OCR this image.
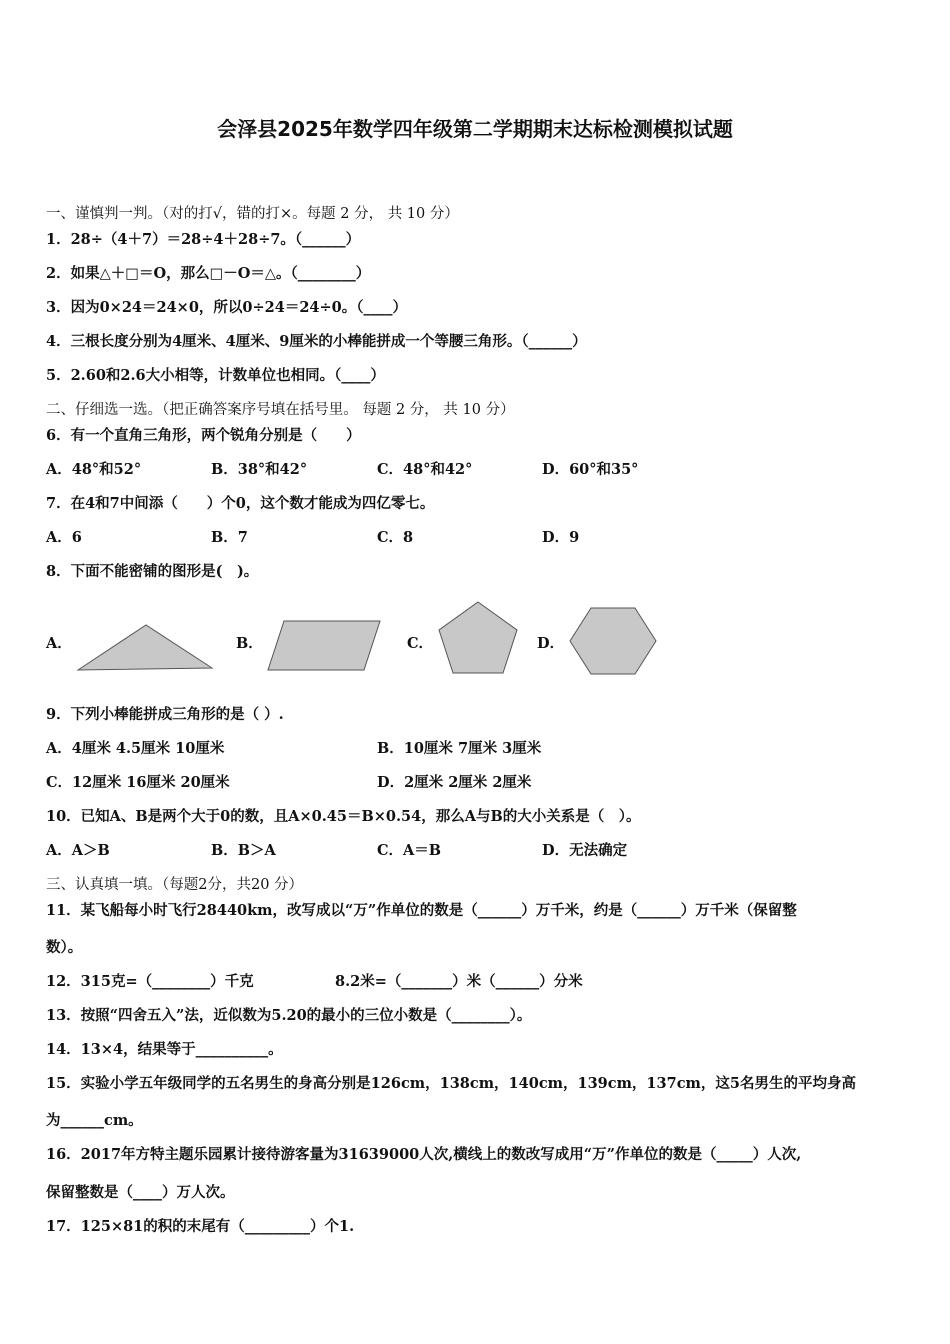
会泽县2025年数学四年级第二学期期末达标检测模拟试题
一、谨慎判一判。（对的打√，错的打×。每题 2 分， 共 10 分）
1．28÷（4＋7）＝28÷4＋28÷7。（______）
2．如果△＋□＝O，那么□－O＝△。（________）
3．因为0×24＝24×0，所以0÷24＝24÷0。（____）
4．三根长度分别为4厘米、4厘米、9厘米的小棒能拼成一个等腰三角形。（______）
5．2.60和2.6大小相等，计数单位也相同。（____）
二、仔细选一选。（把正确答案序号填在括号里。 每题 2 分， 共 10 分）
6．有一个直角三角形，两个锐角分别是（　　）
A．48°和52°	B．38°和42°	C．48°和42°	D．60°和35°
7．在4和7中间添（　　）个0，这个数才能成为四亿零七。
A．6	B．7	C．8	D．9
8．下面不能密铺的图形是(　)。
A．	B．	C．	D．
9．下列小棒能拼成三角形的是（ ）.
A．4厘米 4.5厘米 10厘米	B．10厘米 7厘米 3厘米
C．12厘米 16厘米 20厘米	D．2厘米 2厘米 2厘米
10．已知A、B是两个大于0的数，且A×0.45＝B×0.54，那么A与B的大小关系是（　）。
A．A＞B	B．B＞A	C．A＝B	D．无法确定
三、认真填一填。（每题2分，共20 分）
11．某飞船每小时飞行28440km，改写成以“万”作单位的数是（______）万千米，约是（______）万千米（保留整
数）。
12．315克=（________）千克	8.2米=（_______）米（______）分米
13．按照“四舍五入”法，近似数为5.20的最小的三位小数是（________）。
14．13×4，结果等于__________。
15．实验小学五年级同学的五名男生的身高分别是126cm，138cm，140cm，139cm，137cm，这5名男生的平均身高
为______cm。
16．2017年方特主题乐园累计接待游客量为31639000人次,横线上的数改写成用“万”作单位的数是（_____）人次,
保留整数是（____）万人次。
17．125×81的积的末尾有（_________）个1.
